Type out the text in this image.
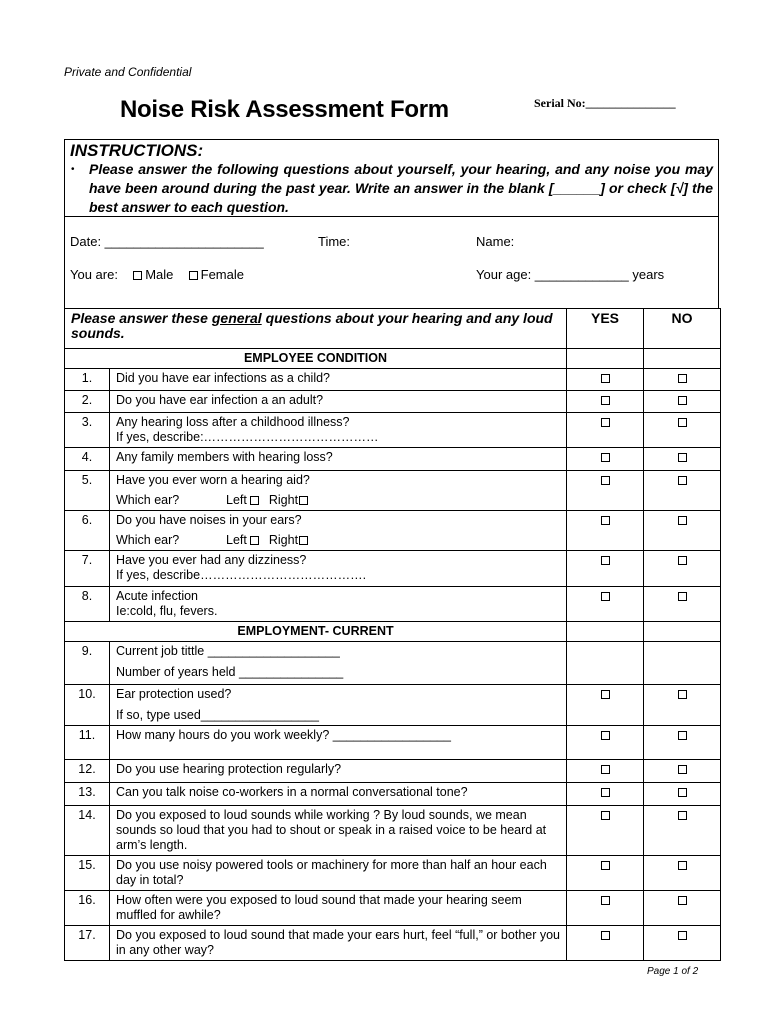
Private and Confidential
Noise Risk Assessment Form	Serial No:_______________
INSTRUCTIONS:
• Please answer the following questions about yourself, your hearing, and any noise you may have been around during the past year. Write an answer in the blank [______] or check [√] the best answer to each question.
Date: ______________________	Time:	Name:
You are: Male Female	Your age: _____________ years
Please answer these general questions about your hearing and any loud sounds.		YES	NO
EMPLOYEE CONDITION			
1.	Did you have ear infections as a child?		

2.	Do you have ear infection a an adult?		

3.	Any hearing loss after a childhood illness?
If yes, describe:……………………………………		

4.	Any family members with hearing loss?		

5.	Have you ever worn a hearing aid?
Which ear? Left Right		

6.	Do you have noises in your ears?
Which ear? Left Right		

7.	Have you ever had any dizziness?
If yes, describe………………………………….		

8.	Acute infection
Ie:cold, flu, fevers.		

EMPLOYMENT- CURRENT			
9.	Current job tittle ___________________
Number of years held _______________		

10.	Ear protection used?
If so, type used_________________		

11.	How many hours do you work weekly? _________________		

12.	Do you use hearing protection regularly?		

13.	Can you talk noise co-workers in a normal conversational tone?		

14.	Do you exposed to loud sounds while working ? By loud sounds, we mean sounds so loud that you had to shout or speak in a raised voice to be heard at arm’s length.		

15.	Do you use noisy powered tools or machinery for more than half an hour each day in total?		

16.	How often were you exposed to loud sound that made your hearing seem muffled for awhile?		

17.	Do you exposed to loud sound that made your ears hurt, feel “full,” or bother you in any other way?		

Page 1 of 2
